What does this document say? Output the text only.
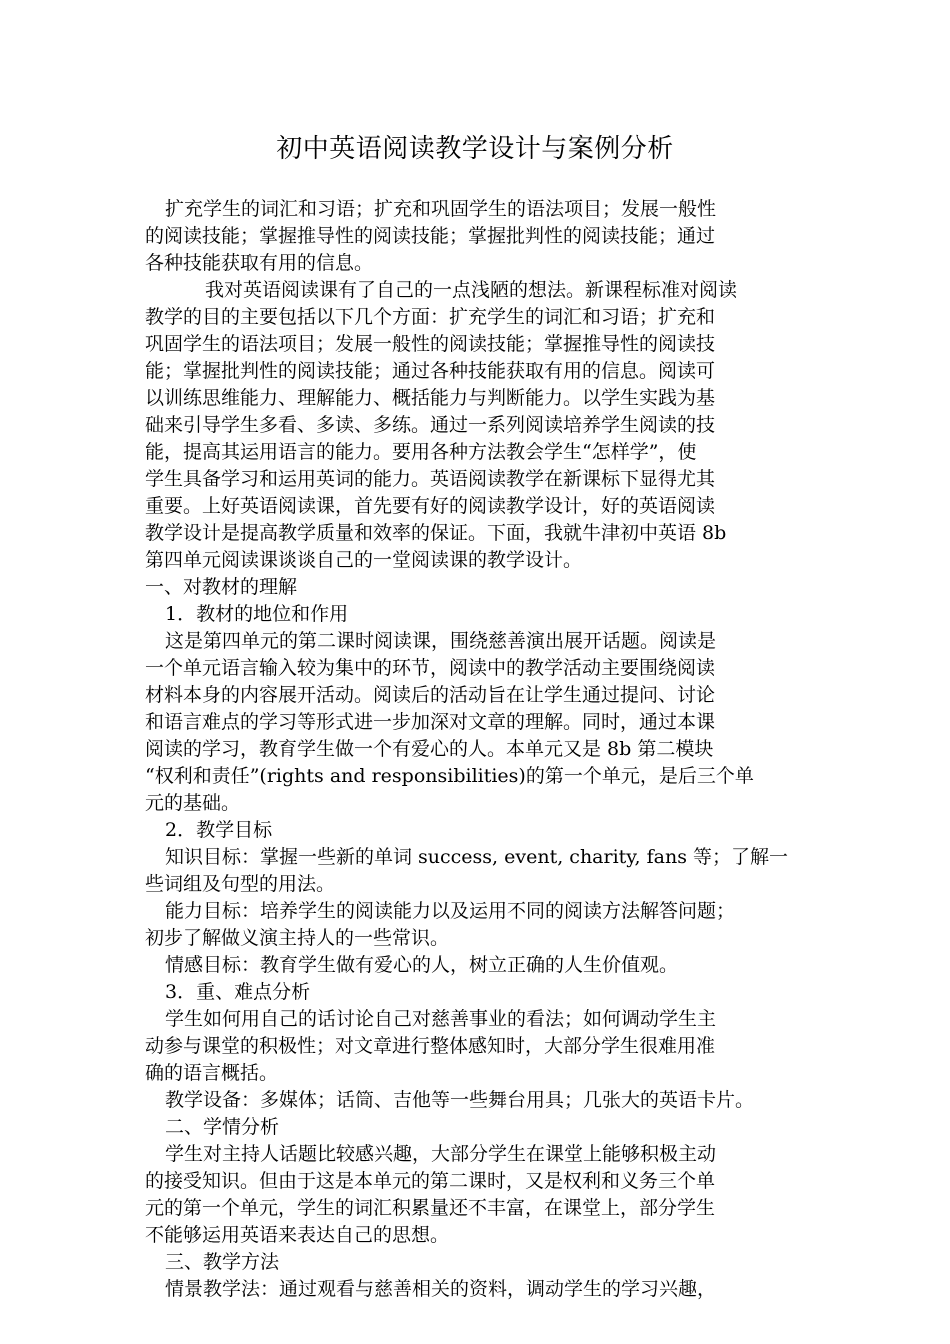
初中英语阅读教学设计与案例分析
扩充学生的词汇和习语；扩充和巩固学生的语法项目；发展一般性
的阅读技能；掌握推导性的阅读技能；掌握批判性的阅读技能；通过
各种技能获取有用的信息。
我对英语阅读课有了自己的一点浅陋的想法。新课程标准对阅读
教学的目的主要包括以下几个方面：扩充学生的词汇和习语；扩充和
巩固学生的语法项目；发展一般性的阅读技能；掌握推导性的阅读技
能；掌握批判性的阅读技能；通过各种技能获取有用的信息。阅读可
以训练思维能力、理解能力、概括能力与判断能力。以学生实践为基
础来引导学生多看、多读、多练。通过一系列阅读培养学生阅读的技
能，提高其运用语言的能力。要用各种方法教会学生“怎样学”，使
学生具备学习和运用英词的能力。英语阅读教学在新课标下显得尤其
重要。上好英语阅读课，首先要有好的阅读教学设计，好的英语阅读
教学设计是提高教学质量和效率的保证。下面，我就牛津初中英语 8b
第四单元阅读课谈谈自己的一堂阅读课的教学设计。
一、对教材的理解
1．教材的地位和作用
这是第四单元的第二课时阅读课，围绕慈善演出展开话题。阅读是
一个单元语言输入较为集中的环节，阅读中的教学活动主要围绕阅读
材料本身的内容展开活动。阅读后的活动旨在让学生通过提问、讨论
和语言难点的学习等形式进一步加深对文章的理解。同时，通过本课
阅读的学习，教育学生做一个有爱心的人。本单元又是 8b 第二模块
“权利和责任”(rights and responsibilities)的第一个单元，是后三个单
元的基础。
2．教学目标
知识目标：掌握一些新的单词 success, event, charity, fans 等；了解一
些词组及句型的用法。
能力目标：培养学生的阅读能力以及运用不同的阅读方法解答问题；
初步了解做义演主持人的一些常识。
情感目标：教育学生做有爱心的人，树立正确的人生价值观。
3．重、难点分析
学生如何用自己的话讨论自己对慈善事业的看法；如何调动学生主
动参与课堂的积极性；对文章进行整体感知时，大部分学生很难用准
确的语言概括。
教学设备：多媒体；话筒、吉他等一些舞台用具；几张大的英语卡片。
二、学情分析
学生对主持人话题比较感兴趣，大部分学生在课堂上能够积极主动
的接受知识。但由于这是本单元的第二课时，又是权利和义务三个单
元的第一个单元，学生的词汇积累量还不丰富，在课堂上，部分学生
不能够运用英语来表达自己的思想。
三、教学方法
情景教学法：通过观看与慈善相关的资料，调动学生的学习兴趣，
